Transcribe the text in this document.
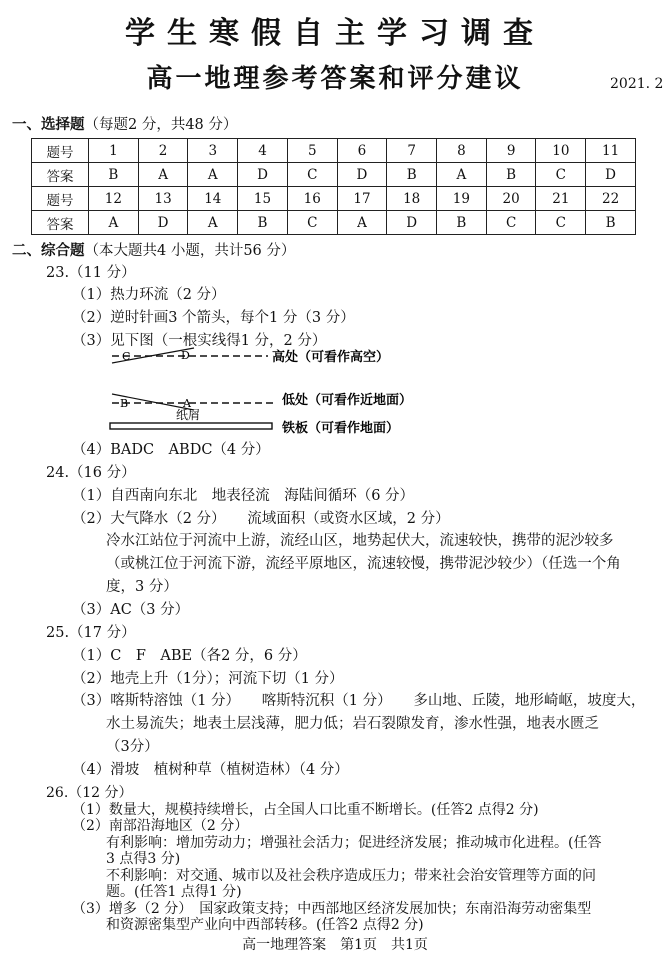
学生寒假自主学习调查
高一地理参考答案和评分建议	2021. 2
一、选择题（每题2 分，共48 分）
题号	1	2	3	4	5	6	7	8	9	10	11
答案	B	A	A	D	C	D	B	A	B	C	D
题号	12	13	14	15	16	17	18	19	20	21	22
答案	A	D	A	B	C	A	D	B	C	C	B
二、综合题（本大题共4 小题，共计56 分）
23.（11 分）
（1）热力环流（2 分）
（2）逆时针画3 个箭头，每个1 分（3 分）
（3）见下图（一根实线得1 分，2 分）
C	D	高处（可看作高空）
B	A	低处（可看作近地面）
纸屑
铁板（可看作地面）
（4）BADC　ABDC（4 分）
24.（16 分）
（1）自西南向东北　地表径流　海陆间循环（6 分）
（2）大气降水（2 分）　　流域面积（或资水区域，2 分）
冷水江站位于河流中上游，流经山区，地势起伏大，流速较快，携带的泥沙较多
（或桃江位于河流下游，流经平原地区，流速较慢，携带泥沙较少）（任选一个角
度，3 分）
（3）AC（3 分）
25.（17 分）
（1）C　F　ABE（各2 分，6 分）
（2）地壳上升（1分）；河流下切（1 分）
（3）喀斯特溶蚀（1 分）　　喀斯特沉积（1 分）　　多山地、丘陵，地形崎岖，坡度大，
水土易流失；地表土层浅薄，肥力低；岩石裂隙发育，渗水性强，地表水匮乏
（3分）
（4）滑坡　植树种草（植树造林）（4 分）
26.（12 分）
（1）数量大，规模持续增长，占全国人口比重不断增长。(任答2 点得2 分)
（2）南部沿海地区（2 分）
有利影响：增加劳动力；增强社会活力；促进经济发展；推动城市化进程。(任答
3 点得3 分)
不利影响：对交通、城市以及社会秩序造成压力；带来社会治安管理等方面的问
题。(任答1 点得1 分)
（3）增多（2 分）　国家政策支持；中西部地区经济发展加快；东南沿海劳动密集型
和资源密集型产业向中西部转移。(任答2 点得2 分)
高一地理答案　第1页　共1页
